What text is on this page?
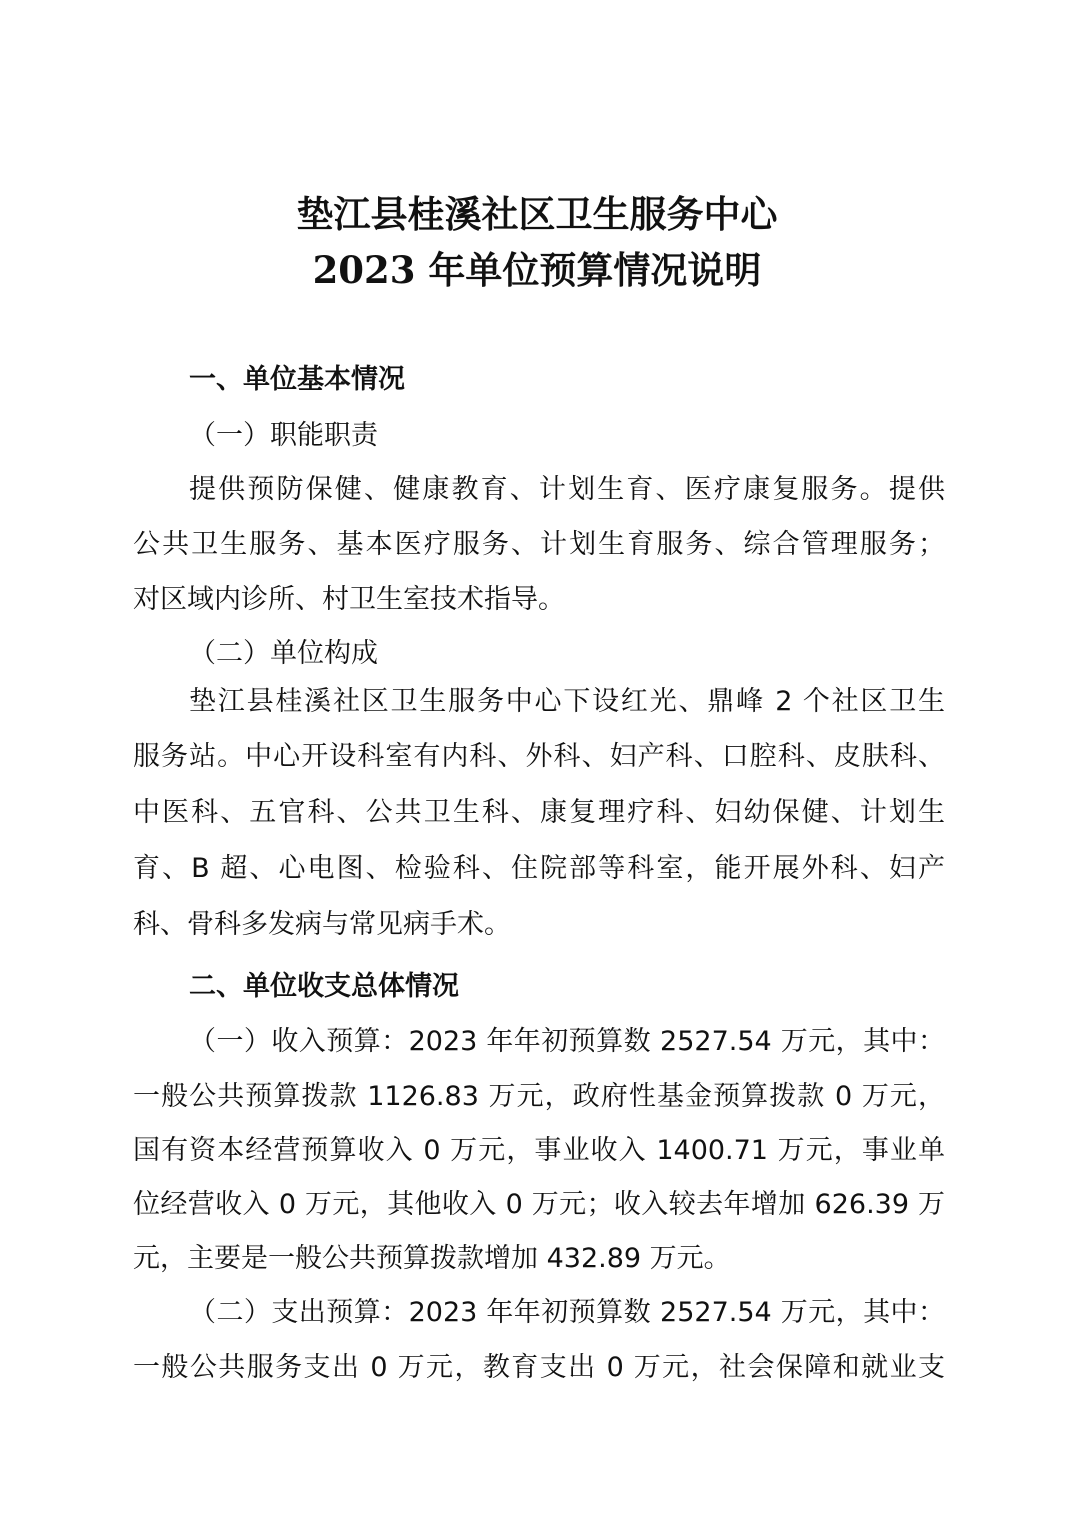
垫江县桂溪社区卫生服务中心
2023 年单位预算情况说明
一、单位基本情况
（一）职能职责
提供预防保健、健康教育、计划生育、医疗康复服务。提供
公共卫生服务、基本医疗服务、计划生育服务、综合管理服务；
对区域内诊所、村卫生室技术指导。
（二）单位构成
垫江县桂溪社区卫生服务中心下设红光、鼎峰 2 个社区卫生
服务站。中心开设科室有内科、外科、妇产科、口腔科、皮肤科、
中医科、五官科、公共卫生科、康复理疗科、妇幼保健、计划生
育、B 超、心电图、检验科、住院部等科室，能开展外科、妇产
科、骨科多发病与常见病手术。
二、单位收支总体情况
（一）收入预算：2023 年年初预算数 2527.54 万元，其中：
一般公共预算拨款 1126.83 万元，政府性基金预算拨款 0 万元，
国有资本经营预算收入 0 万元，事业收入 1400.71 万元，事业单
位经营收入 0 万元，其他收入 0 万元；收入较去年增加 626.39 万
元，主要是一般公共预算拨款增加 432.89 万元。
（二）支出预算：2023 年年初预算数 2527.54 万元，其中：
一般公共服务支出 0 万元，教育支出 0 万元，社会保障和就业支
